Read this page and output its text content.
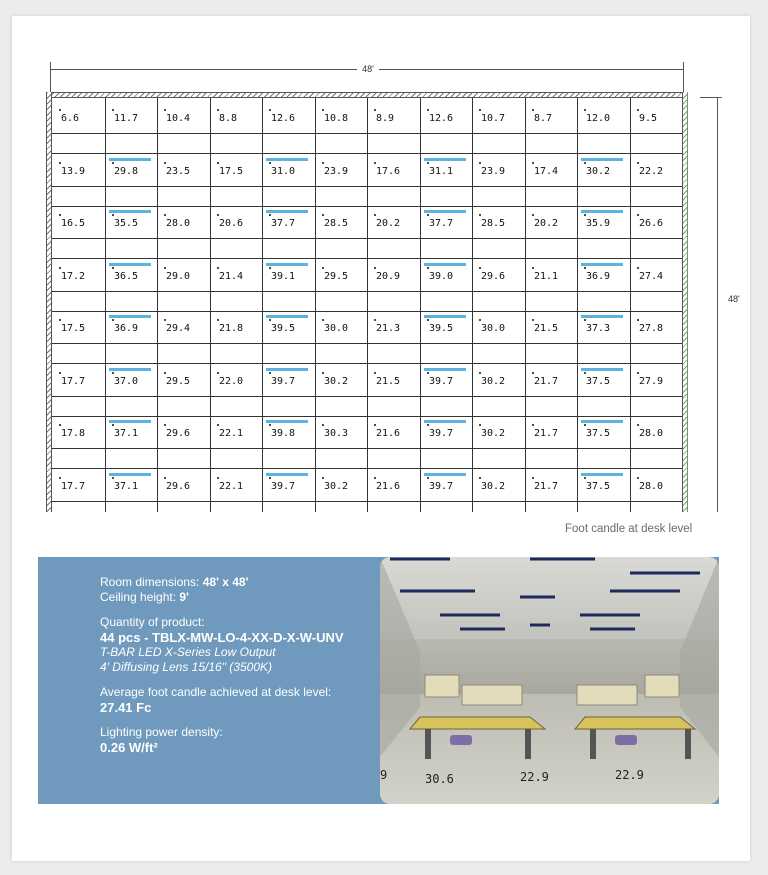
48'
48'
6.6	11.7	10.4	8.8	12.6	10.8	8.9	12.6	10.7	8.7	12.0	9.5
13.9	29.8	23.5	17.5	31.0	23.9	17.6	31.1	23.9	17.4	30.2	22.2
16.5	35.5	28.0	20.6	37.7	28.5	20.2	37.7	28.5	20.2	35.9	26.6
17.2	36.5	29.0	21.4	39.1	29.5	20.9	39.0	29.6	21.1	36.9	27.4
17.5	36.9	29.4	21.8	39.5	30.0	21.3	39.5	30.0	21.5	37.3	27.8
17.7	37.0	29.5	22.0	39.7	30.2	21.5	39.7	30.2	21.7	37.5	27.9
17.8	37.1	29.6	22.1	39.8	30.3	21.6	39.7	30.2	21.7	37.5	28.0
17.7	37.1	29.6	22.1	39.7	30.2	21.6	39.7	30.2	21.7	37.5	28.0
Foot candle at desk level

Room dimensions: 48' x 48'

Ceiling height: 9'

Quantity of product:

44 pcs - TBLX-MW-LO-4-XX-D-X-W-UNV

T-BAR LED X-Series Low Output

4' Diffusing Lens 15/16" (3500K)

Average foot candle achieved at desk level:

27.41 Fc

Lighting power density:

0.26 W/ft²

9	30.6	22.9	22.9
